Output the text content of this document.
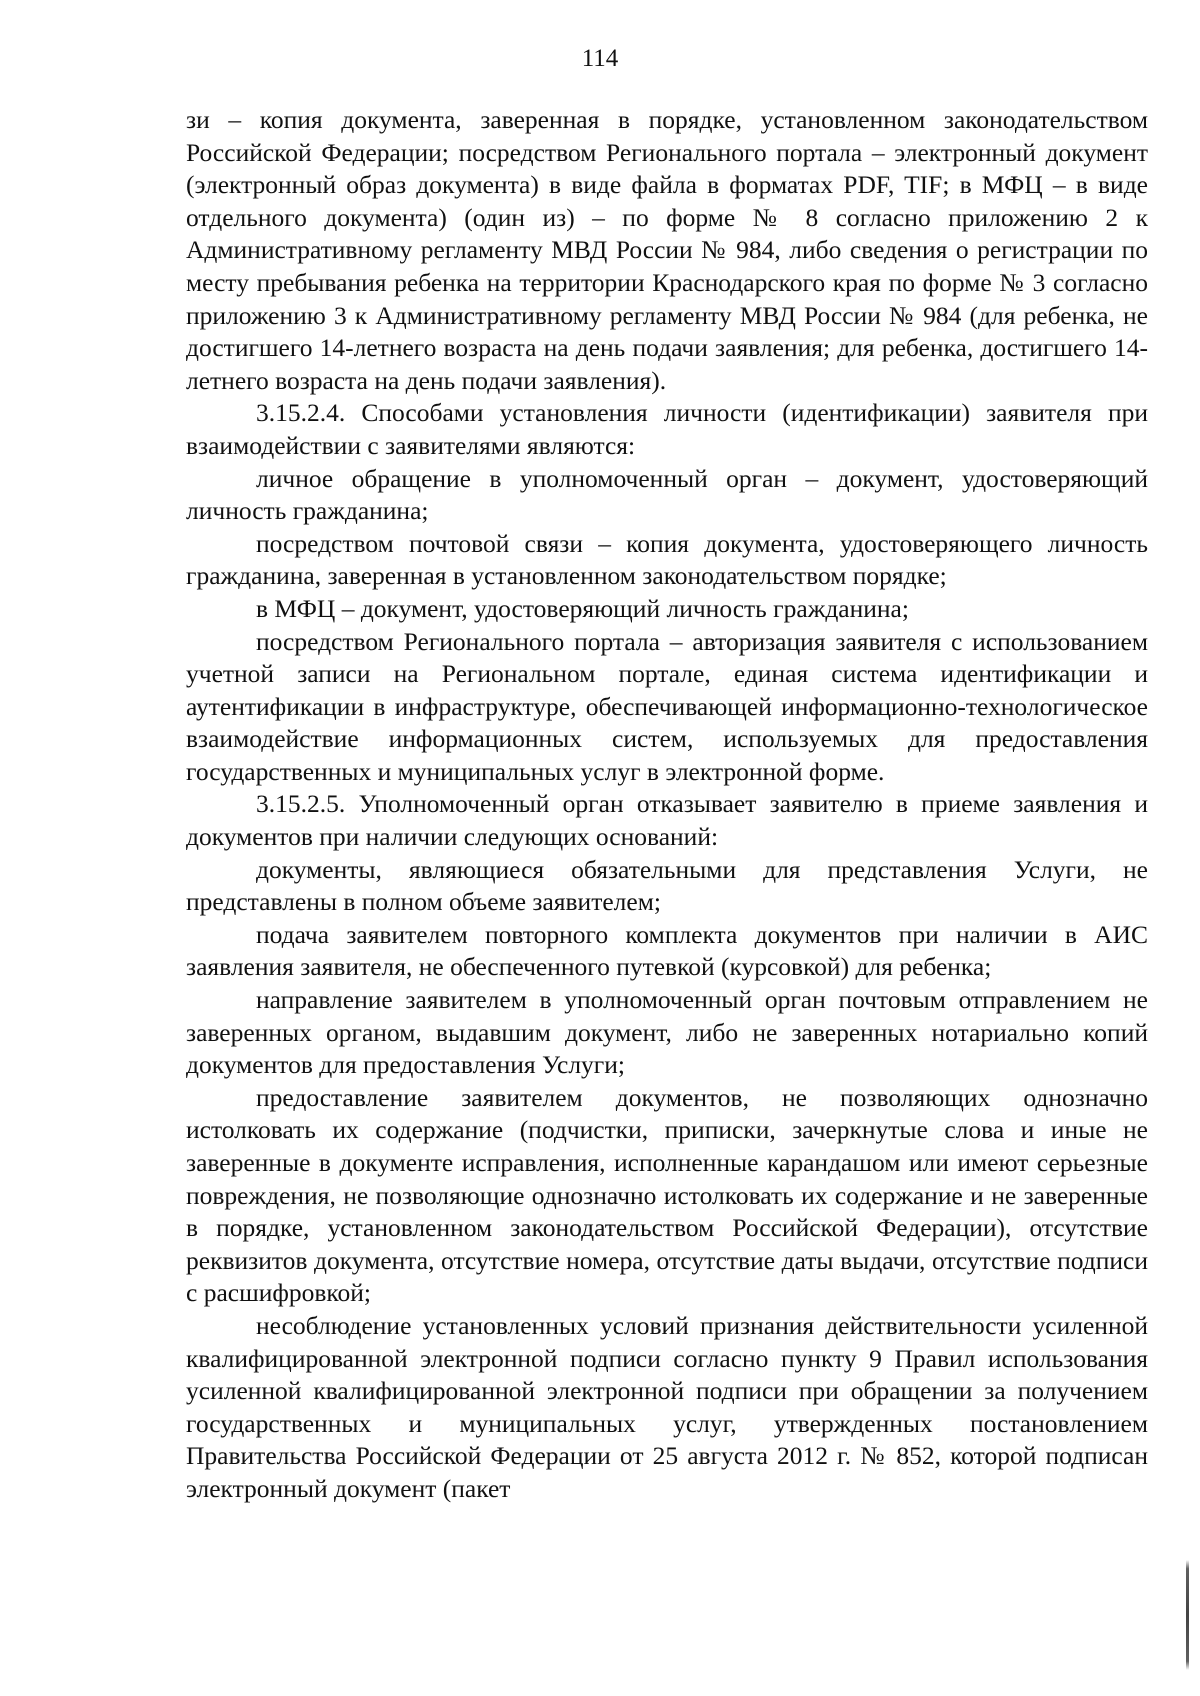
114

зи – копия документа, заверенная в порядке, установленном законодательством Российской Федерации; посредством Регионального портала – электронный документ (электронный образ документа) в виде файла в форматах PDF, TIF; в МФЦ – в виде отдельного документа) (один из) – по форме № 8 согласно приложению 2 к Административному регламенту МВД России № 984, либо сведения о регистрации по месту пребывания ребенка на территории Краснодарского края по форме № 3 согласно приложению 3 к Административному регламенту МВД России № 984 (для ребенка, не достигшего 14-летнего возраста на день подачи заявления; для ребенка, достигшего 14-летнего возраста на день подачи заявления).

3.15.2.4. Способами установления личности (идентификации) заявителя при взаимодействии с заявителями являются:

личное обращение в уполномоченный орган – документ, удостоверяющий личность гражданина;

посредством почтовой связи – копия документа, удостоверяющего личность гражданина, заверенная в установленном законодательством порядке;

в МФЦ – документ, удостоверяющий личность гражданина;

посредством Регионального портала – авторизация заявителя с использованием учетной записи на Региональном портале, единая система идентификации и аутентификации в инфраструктуре, обеспечивающей информационно-технологическое взаимодействие информационных систем, используемых для предоставления государственных и муниципальных услуг в электронной форме.

3.15.2.5. Уполномоченный орган отказывает заявителю в приеме заявления и документов при наличии следующих оснований:

документы, являющиеся обязательными для представления Услуги, не представлены в полном объеме заявителем;

подача заявителем повторного комплекта документов при наличии в АИС заявления заявителя, не обеспеченного путевкой (курсовкой) для ребенка;

направление заявителем в уполномоченный орган почтовым отправлением не заверенных органом, выдавшим документ, либо не заверенных нотариально копий документов для предоставления Услуги;

предоставление заявителем документов, не позволяющих однозначно истолковать их содержание (подчистки, приписки, зачеркнутые слова и иные не заверенные в документе исправления, исполненные карандашом или имеют серьезные повреждения, не позволяющие однозначно истолковать их содержание и не заверенные в порядке, установленном законодательством Российской Федерации), отсутствие реквизитов документа, отсутствие номера, отсутствие даты выдачи, отсутствие подписи с расшифровкой;

несоблюдение установленных условий признания действительности усиленной квалифицированной электронной подписи согласно пункту 9 Правил использования усиленной квалифицированной электронной подписи при обращении за получением государственных и муниципальных услуг, утвержденных постановлением Правительства Российской Федерации от 25 августа 2012 г. № 852, которой подписан электронный документ (пакет
